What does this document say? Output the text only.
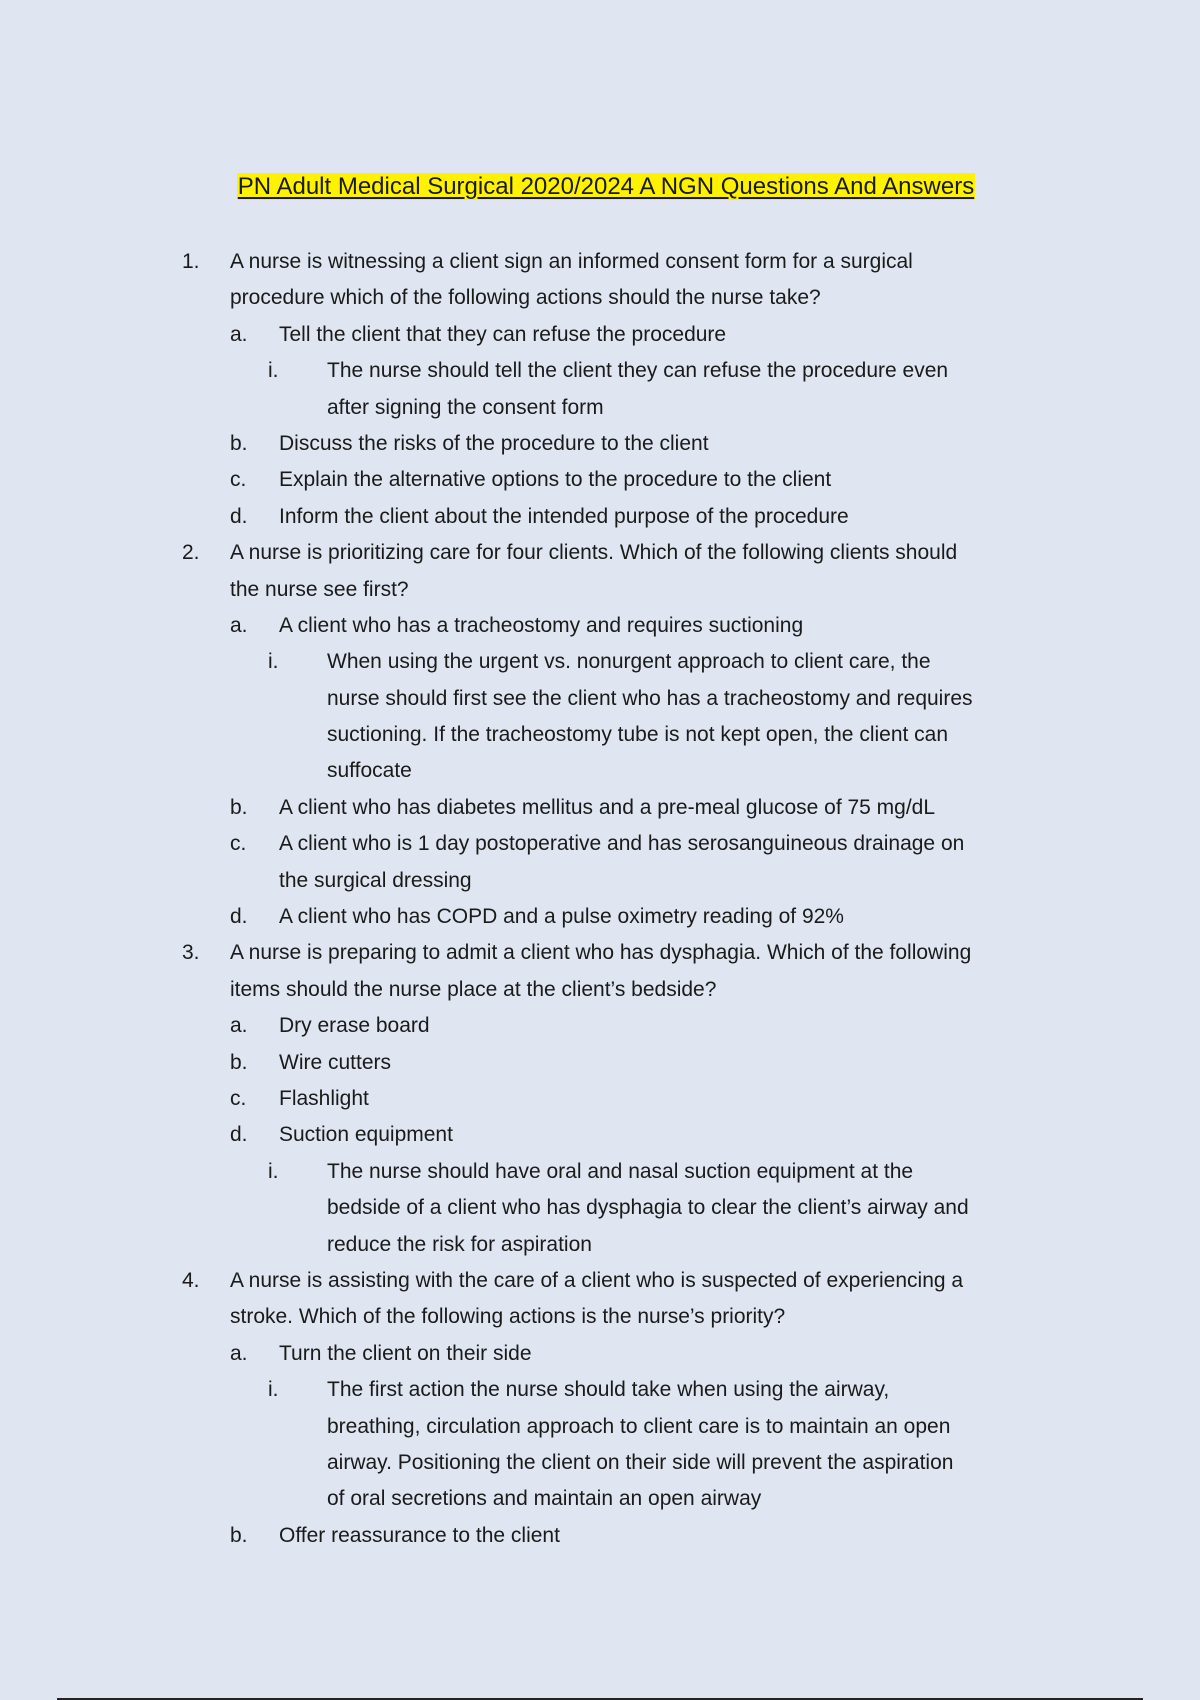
PN Adult Medical Surgical 2020/2024 A NGN Questions And Answers
1. A nurse is witnessing a client sign an informed consent form for a surgical
procedure which of the following actions should the nurse take?
a. Tell the client that they can refuse the procedure
i. The nurse should tell the client they can refuse the procedure even
after signing the consent form
b. Discuss the risks of the procedure to the client
c. Explain the alternative options to the procedure to the client
d. Inform the client about the intended purpose of the procedure
2. A nurse is prioritizing care for four clients. Which of the following clients should
the nurse see first?
a. A client who has a tracheostomy and requires suctioning
i. When using the urgent vs. nonurgent approach to client care, the
nurse should first see the client who has a tracheostomy and requires
suctioning. If the tracheostomy tube is not kept open, the client can
suffocate
b. A client who has diabetes mellitus and a pre-meal glucose of 75 mg/dL
c. A client who is 1 day postoperative and has serosanguineous drainage on
the surgical dressing
d. A client who has COPD and a pulse oximetry reading of 92%
3. A nurse is preparing to admit a client who has dysphagia. Which of the following
items should the nurse place at the client’s bedside?
a. Dry erase board
b. Wire cutters
c. Flashlight
d. Suction equipment
i. The nurse should have oral and nasal suction equipment at the
bedside of a client who has dysphagia to clear the client’s airway and
reduce the risk for aspiration
4. A nurse is assisting with the care of a client who is suspected of experiencing a
stroke. Which of the following actions is the nurse’s priority?
a. Turn the client on their side
i. The first action the nurse should take when using the airway,
breathing, circulation approach to client care is to maintain an open
airway. Positioning the client on their side will prevent the aspiration
of oral secretions and maintain an open airway
b. Offer reassurance to the client
